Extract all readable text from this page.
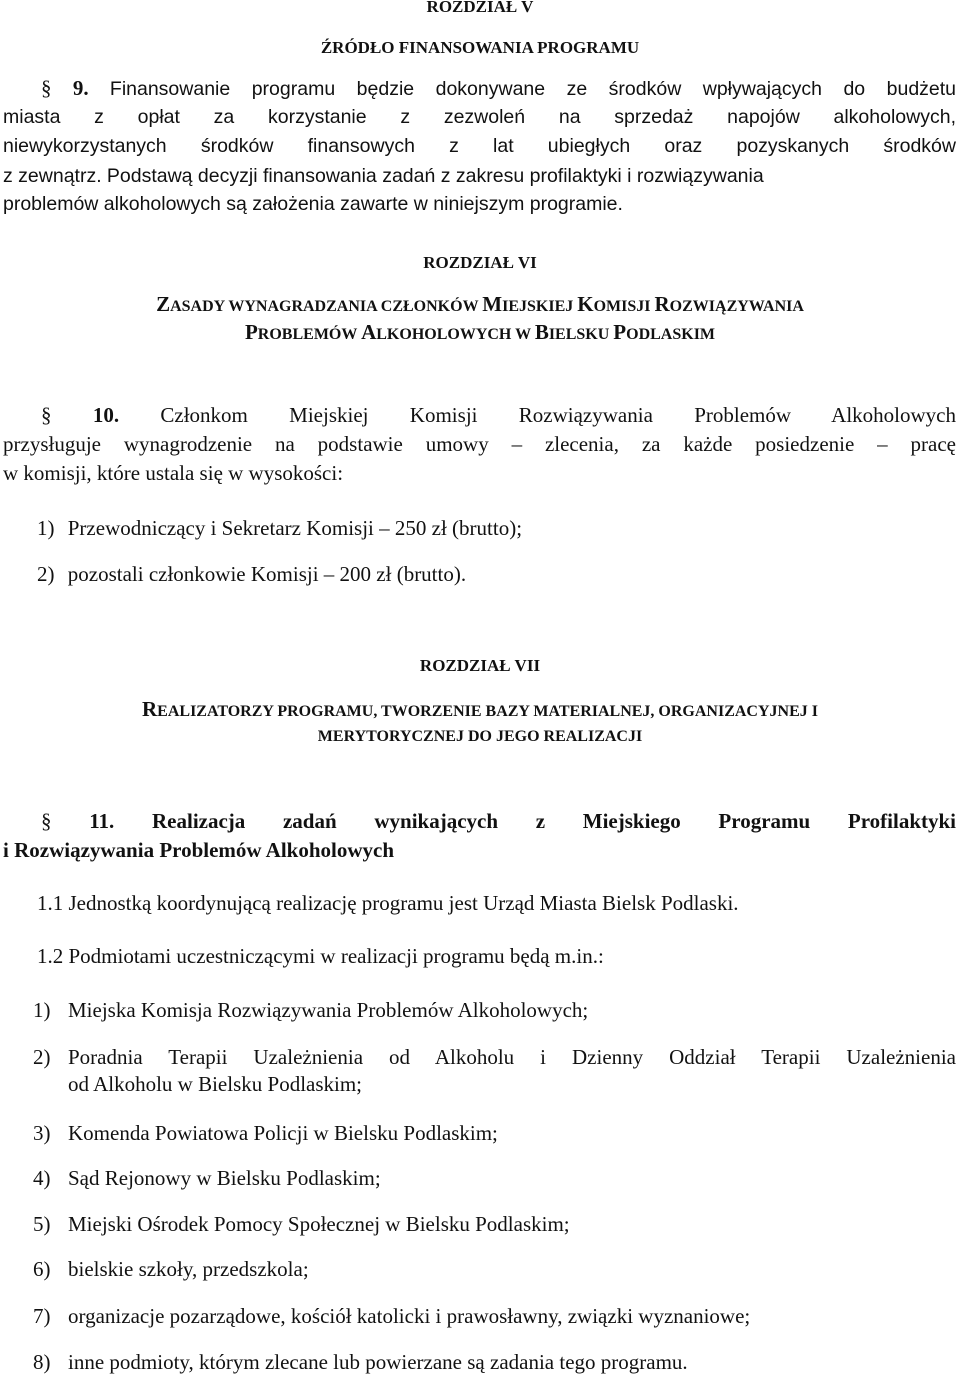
ROZDZIAŁ V
ŹRÓDŁO FINANSOWANIA PROGRAMU
§ 9. Finansowanie programu będzie dokonywane ze środków wpływających do budżetu
miasta z opłat za korzystanie z zezwoleń na sprzedaż napojów alkoholowych,
niewykorzystanych środków finansowych z lat ubiegłych oraz pozyskanych środków
z zewnątrz. Podstawą decyzji finansowania zadań z zakresu profilaktyki i rozwiązywania
problemów alkoholowych są założenia zawarte w niniejszym programie.
ROZDZIAŁ VI
ZASADY WYNAGRADZANIA CZŁONKÓW MIEJSKIEJ KOMISJI ROZWIĄZYWANIA
PROBLEMÓW ALKOHOLOWYCH W BIELSKU PODLASKIM
§ 10. Członkom Miejskiej Komisji Rozwiązywania Problemów Alkoholowych
przysługuje wynagrodzenie na podstawie umowy – zlecenia, za każde posiedzenie – pracę
w komisji, które ustala się w wysokości:
1) Przewodniczący i Sekretarz Komisji – 250 zł (brutto);
2) pozostali członkowie Komisji – 200 zł (brutto).
ROZDZIAŁ VII
REALIZATORZY PROGRAMU, TWORZENIE BAZY MATERIALNEJ, ORGANIZACYJNEJ I
MERYTORYCZNEJ DO JEGO REALIZACJI
§ 11. Realizacja zadań wynikających z Miejskiego Programu Profilaktyki
i Rozwiązywania Problemów Alkoholowych
1.1 Jednostką koordynującą realizację programu jest Urząd Miasta Bielsk Podlaski.
1.2 Podmiotami uczestniczącymi w realizacji programu będą m.in.:
1) Miejska Komisja Rozwiązywania Problemów Alkoholowych;
2) Poradnia Terapii Uzależnienia od Alkoholu i Dzienny Oddział Terapii Uzależnienia
od Alkoholu w Bielsku Podlaskim;
3) Komenda Powiatowa Policji w Bielsku Podlaskim;
4) Sąd Rejonowy w Bielsku Podlaskim;
5) Miejski Ośrodek Pomocy Społecznej w Bielsku Podlaskim;
6) bielskie szkoły, przedszkola;
7) organizacje pozarządowe, kościół katolicki i prawosławny, związki wyznaniowe;
8) inne podmioty, którym zlecane lub powierzane są zadania tego programu.
